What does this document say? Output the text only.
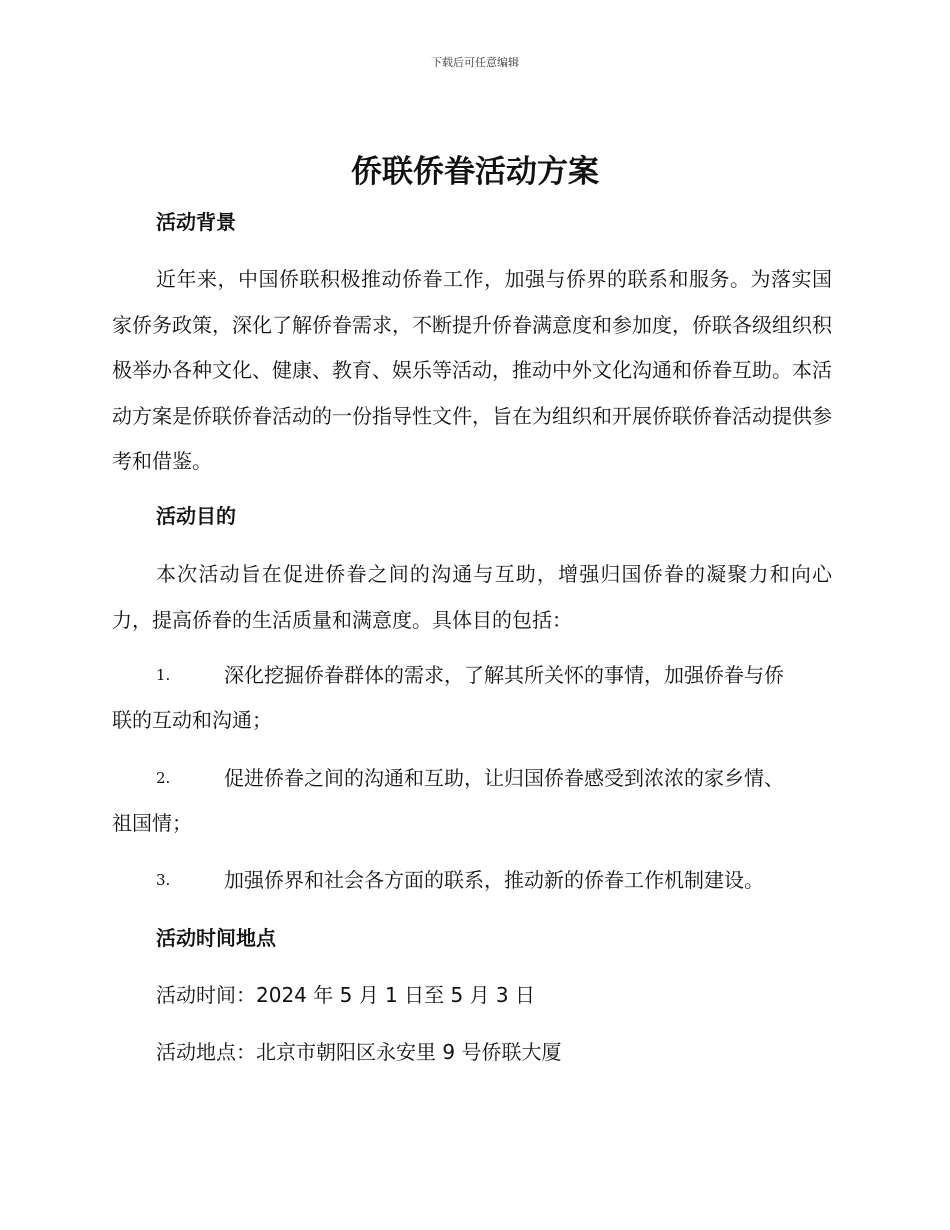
下载后可任意编辑
侨联侨眷活动方案
活动背景

近年来，中国侨联积极推动侨眷工作，加强与侨界的联系和服务。为落实国家侨务政策，深化了解侨眷需求，不断提升侨眷满意度和参加度，侨联各级组织积极举办各种文化、健康、教育、娱乐等活动，推动中外文化沟通和侨眷互助。本活动方案是侨联侨眷活动的一份指导性文件，旨在为组织和开展侨联侨眷活动提供参考和借鉴。

活动目的

本次活动旨在促进侨眷之间的沟通与互助，增强归国侨眷的凝聚力和向心力，提高侨眷的生活质量和满意度。具体目的包括：

1.	深化挖掘侨眷群体的需求，了解其所关怀的事情，加强侨眷与侨
联的互动和沟通；
2.	促进侨眷之间的沟通和互助，让归国侨眷感受到浓浓的家乡情、
祖国情；
3.	加强侨界和社会各方面的联系，推动新的侨眷工作机制建设。
活动时间地点

活动时间：2024 年 5 月 1 日至 5 月 3 日

活动地点：北京市朝阳区永安里 9 号侨联大厦
